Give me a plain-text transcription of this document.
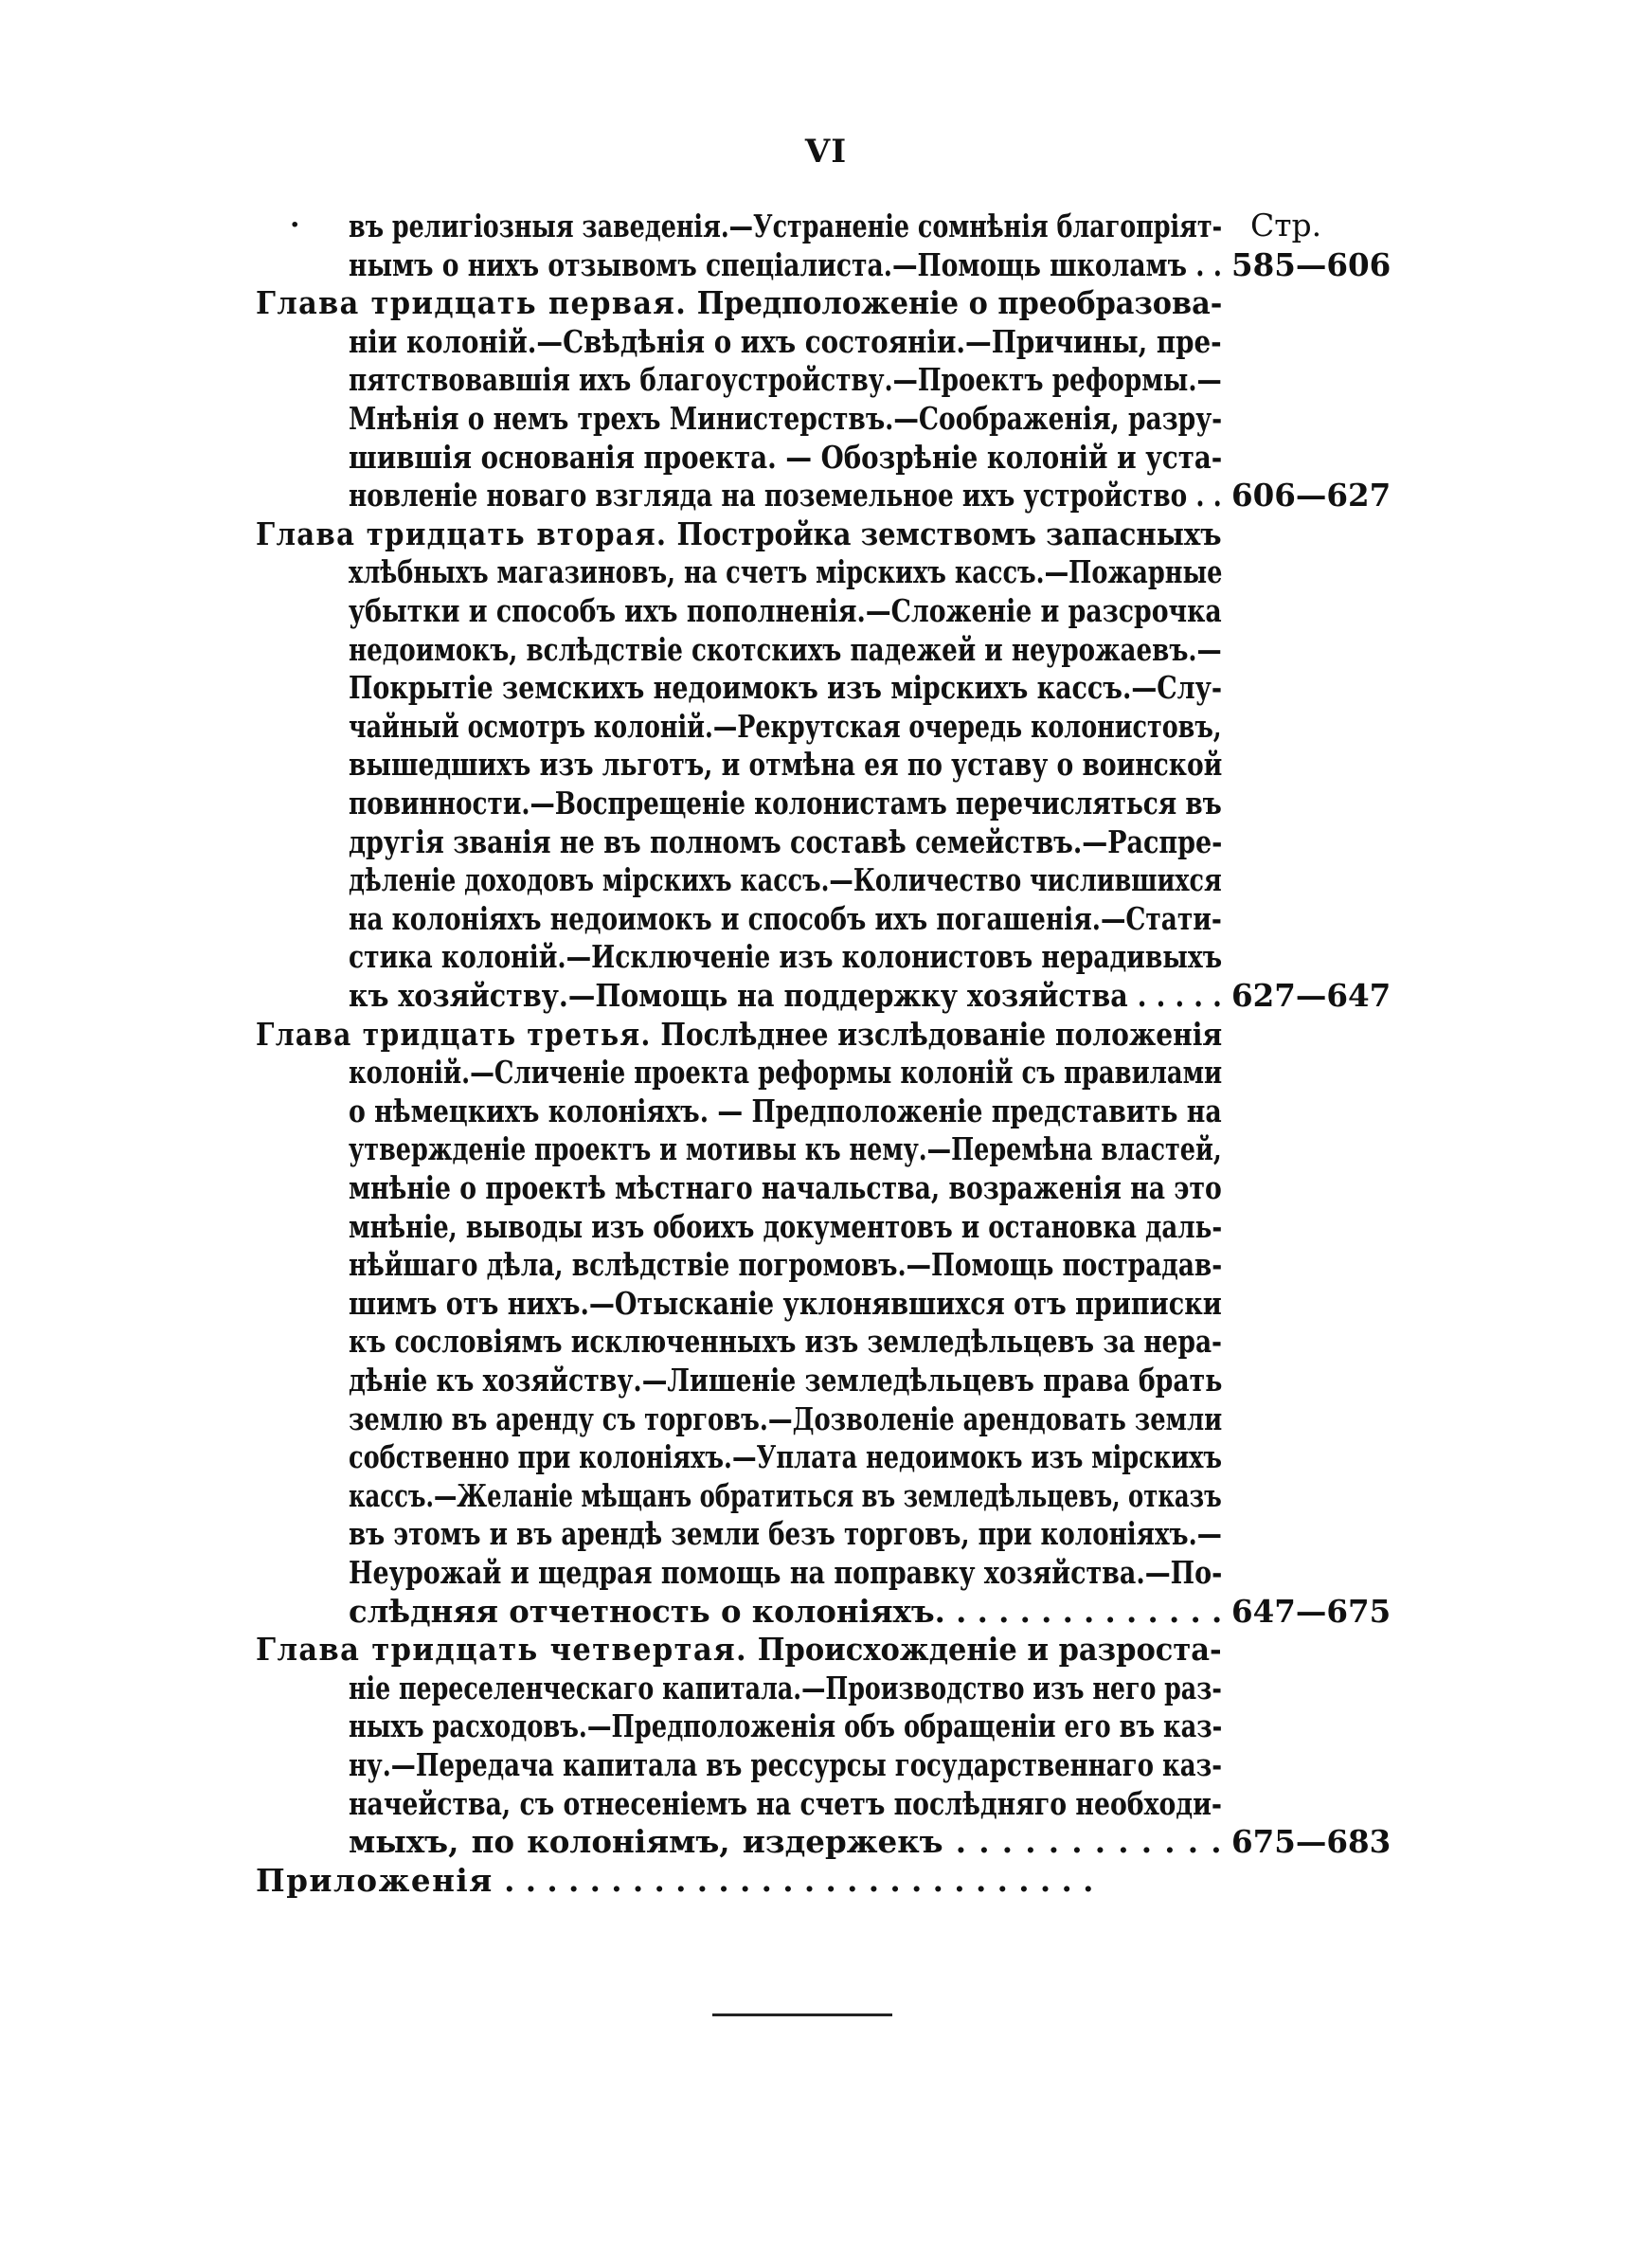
VI
Стр.
· въ религіозныя заведенія.—Устраненіе сомнѣнія благопріят-
нымъ о нихъ отзывомъ спеціалиста.—Помощь школамъ . . 585—606
Глава тридцать первая. Предположеніе о преобразова-
ніи колоній.—Свѣдѣнія о ихъ состояніи.—Причины, пре-
пятствовавшія ихъ благоустройству.—Проектъ реформы.—
Мнѣнія о немъ трехъ Министерствъ.—Соображенія, разру-
шившія основанія проекта. — Обозрѣніе колоній и уста-
новленіе новаго взгляда на поземельное ихъ устройство . . 606—627
Глава тридцать вторая. Постройка земствомъ запасныхъ
хлѣбныхъ магазиновъ, на счетъ мірскихъ кассъ.—Пожарные
убытки и способъ ихъ пополненія.—Сложеніе и разсрочка
недоимокъ, вслѣдствіе скотскихъ падежей и неурожаевъ.—
Покрытіе земскихъ недоимокъ изъ мірскихъ кассъ.—Слу-
чайный осмотръ колоній.—Рекрутская очередь колонистовъ,
вышедшихъ изъ льготъ, и отмѣна ея по уставу о воинской
повинности.—Воспрещеніе колонистамъ перечисляться въ
другія званія не въ полномъ составѣ семействъ.—Распре-
дѣленіе доходовъ мірскихъ кассъ.—Количество числившихся
на колоніяхъ недоимокъ и способъ ихъ погашенія.—Стати-
стика колоній.—Исключеніе изъ колонистовъ нерадивыхъ
къ хозяйству.—Помощь на поддержку хозяйства . . . . . 627—647
Глава тридцать третья. Послѣднее изслѣдованіе положенія
колоній.—Сличеніе проекта реформы колоній съ правилами
о нѣмецкихъ колоніяхъ. — Предположеніе представить на
утвержденіе проектъ и мотивы къ нему.—Перемѣна властей,
мнѣніе о проектѣ мѣстнаго начальства, возраженія на это
мнѣніе, выводы изъ обоихъ документовъ и остановка даль-
нѣйшаго дѣла, вслѣдствіе погромовъ.—Помощь пострадав-
шимъ отъ нихъ.—Отысканіе уклонявшихся отъ приписки
къ сословіямъ исключенныхъ изъ земледѣльцевъ за нера-
дѣніе къ хозяйству.—Лишеніе земледѣльцевъ права брать
землю въ аренду съ торговъ.—Дозволеніе арендовать земли
собственно при колоніяхъ.—Уплата недоимокъ изъ мірскихъ
кассъ.—Желаніе мѣщанъ обратиться въ земледѣльцевъ, отказъ
въ этомъ и въ арендѣ земли безъ торговъ, при колоніяхъ.—
Неурожай и щедрая помощь на поправку хозяйства.—По-
слѣдняя отчетность о колоніяхъ. . . . . . . . . . . . . . 647—675
Глава тридцать четвертая. Происхожденіе и разроста-
ніе переселенческаго капитала.—Производство изъ него раз-
ныхъ расходовъ.—Предположенія объ обращеніи его въ каз-
ну.—Передача капитала въ рессурсы государственнаго каз-
начейства, съ отнесеніемъ на счетъ послѣдняго необходи-
мыхъ, по колоніямъ, издержекъ . . . . . . . . . . . . 675—683
Приложенія . . . . . . . . . . . . . . . . . . . . . . . . . . . .
